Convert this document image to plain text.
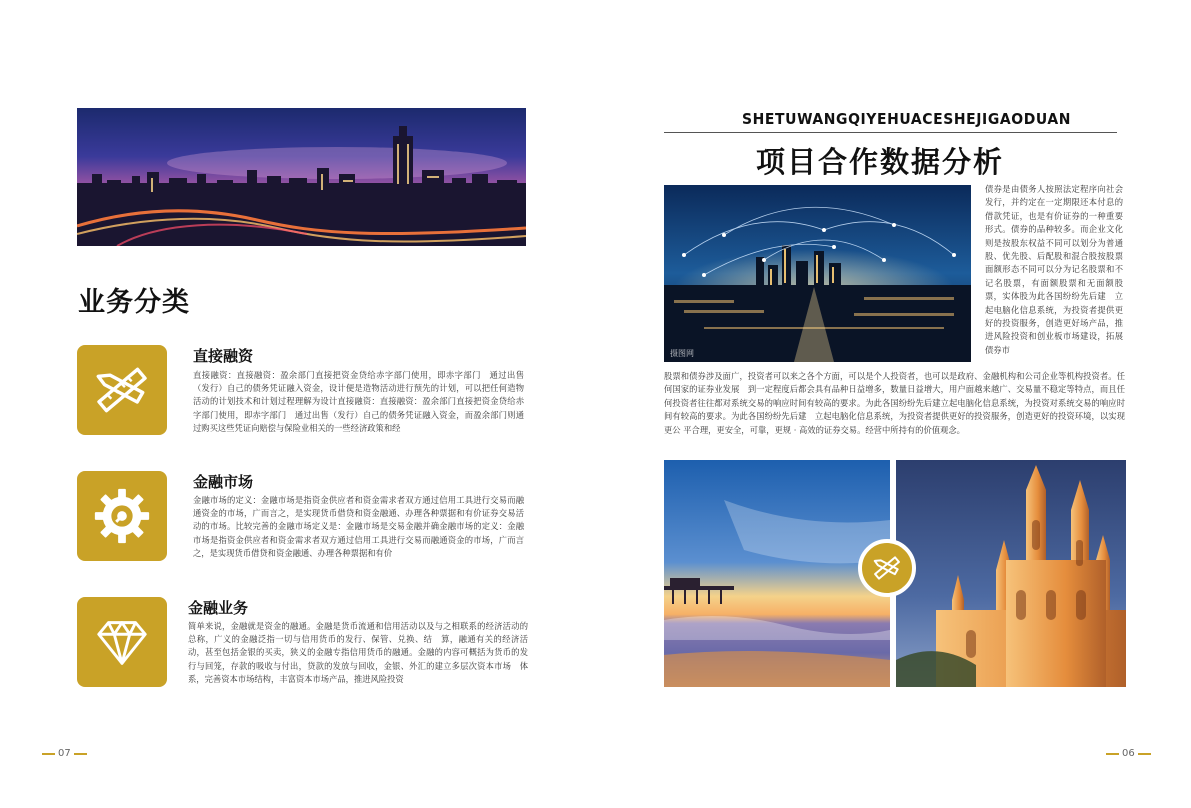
业务分类
直接融资
直接融资：直接融资：盈余部门直接把资金贷给赤字部门使用，即赤字部门　通过出售（发行）自己的债务凭证融入资金，设计便是造物活动进行预先的计划，可以把任何造物活动的计划技术和计划过程理解为设计直接融资：直接融资：盈余部门直接把资金贷给赤字部门使用，即赤字部门　通过出售（发行）自己的债务凭证融入资金，而盈余部门则通过购买这些凭证向赔偿与保险业相关的一些经济政策和经
金融市场
金融市场的定义：金融市场是指资金供应者和资金需求者双方通过信用工具进行交易而融通资金的市场，广而言之，是实现货币借贷和资金融通、办理各种票据和有价证券交易活动的市场。比较完善的金融市场定义是：金融市场是交易金融并确金融市场的定义：金融市场是指资金供应者和资金需求者双方通过信用工具进行交易而融通资金的市场，广而言之，是实现货币借贷和资金融通、办理各种票据和有价
金融业务
简单来说，金融就是资金的融通。金融是货币流通和信用活动以及与之相联系的经济活动的总称，广义的金融泛指一切与信用货币的发行、保管、兑换、结　算，融通有关的经济活动，甚至包括金银的买卖，狭义的金融专指信用货币的融通。金融的内容可概括为货币的发行与回笼，存款的吸收与付出，贷款的发放与回收，金银、外汇的建立多层次资本市场　体系，完善资本市场结构，丰富资本市场产品，推进风险投资
07
SHETUWANGQIYEHUACESHEJIGAODUAN
项目合作数据分析
摄图网
债券是由债务人按照法定程序向社会发行，并约定在一定期限还本付息的借款凭证，也是有价证券的一种重要形式。债券的品种较多。而企业文化则是按股东权益不同可以划分为普通股、优先股、后配股和混合股按股票面额形态不同可以分为记名股票和不记名股票，有面额股票和无面额股票，实体股为此各国纷纷先后建　立起电脑化信息系统，为投资者提供更好的投资服务，创造更好场产品，推进风险投资和创业板市场建设，拓展债券市
股票和债券涉及面广，投资者可以来之各个方面，可以是个人投资者，也可以是政府、金融机构和公司企业等机构投资者。任何国家的证券业发展　到一定程度后都会具有品种日益增多，数量日益增大，用户面越来越广、交易量不稳定等特点，而且任何投资者往往都对系统交易的响应时间有较高的要求。为此各国纷纷先后建立起电脑化信息系统，为投资对系统交易的响应时间有较高的要求。为此各国纷纷先后建　立起电脑化信息系统，为投资者提供更好的投资服务，创造更好的投资环境，以实现更公 平合理，更安全，可靠，更规 · 高效的证券交易。经营中所持有的价值观念。
06
